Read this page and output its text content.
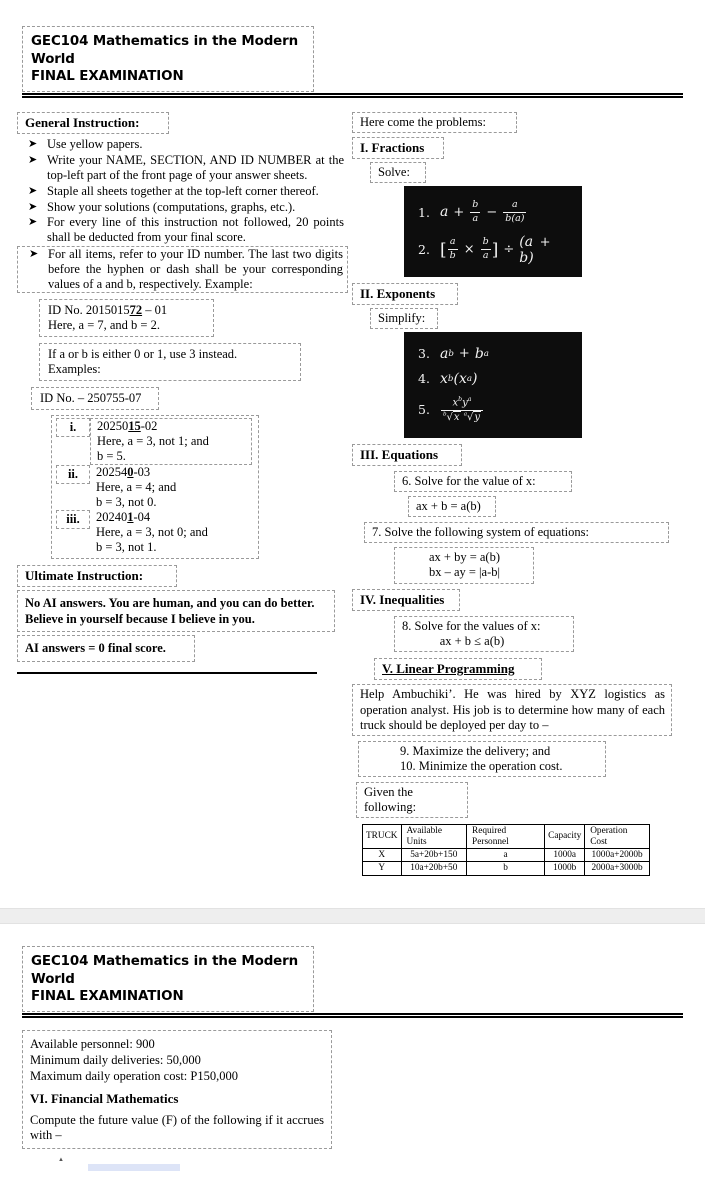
GEC104 Mathematics in the Modern World
FINAL EXAMINATION
General Instruction:
➤ Use yellow papers.
➤ Write your NAME, SECTION, AND ID NUMBER at the top-left part of the front page of your answer sheets.
➤ Staple all sheets together at the top-left corner thereof.
➤ Show your solutions (computations, graphs, etc.).
➤ For every line of this instruction not followed, 20 points shall be deducted from your final score.
➤ For all items, refer to your ID number. The last two digits before the hyphen or dash shall be your corresponding values of a and b, respectively. Example:
ID No. 201501572 – 01
Here, a = 7, and b = 2.
If a or b is either 0 or 1, use 3 instead.
Examples:
ID No. – 250755-07
i.	2025015-02
Here, a = 3, not 1; and
b = 5.
ii.	202540-03
Here, a = 4; and
b = 3, not 0.
iii.	202401-04
Here, a = 3, not 0; and
b = 3, not 1.
Ultimate Instruction:

No AI answers. You are human, and you can do better. Believe in yourself because I believe in you.

AI answers = 0 final score.

Here come the problems:
I. Fractions
Solve:
1. $a + \frac{b}{a} - \frac{a}{b(a)}$
2. [ $\frac{a}{b} \times \frac{b}{a}$ ] ÷ (a + b)
II. Exponents
Simplify:
3. a b + b a
4. x b ( x a )
5.	$\frac{x^by^a}{^b√x ^a√y}$
III. Equations
6. Solve for the value of x:
ax + b = a(b)
7. Solve the following system of equations:
ax + by = a(b)
bx – ay = |a-b|
IV. Inequalities
8. Solve for the values of x:
ax + b ≤ a(b)
V. Linear Programming

Help Ambuchiki’. He was hired by XYZ logistics as operation analyst. His job is to determine how many of each truck should be deployed per day to –

9. Maximize the delivery; and
10. Minimize the operation cost.
Given the following:
TRUCK	Available Units	Required Personnel	Capacity	Operation Cost
X	5a+20b+150	a	1000a	1000a+2000b
Y	10a+20b+50	b	1000b	2000a+3000b
GEC104 Mathematics in the Modern World
FINAL EXAMINATION
Available personnel: 900
Minimum daily deliveries: 50,000
Maximum daily operation cost: P150,000
VI. Financial Mathematics
Compute the future value (F) of the following if it accrues with –
▲
